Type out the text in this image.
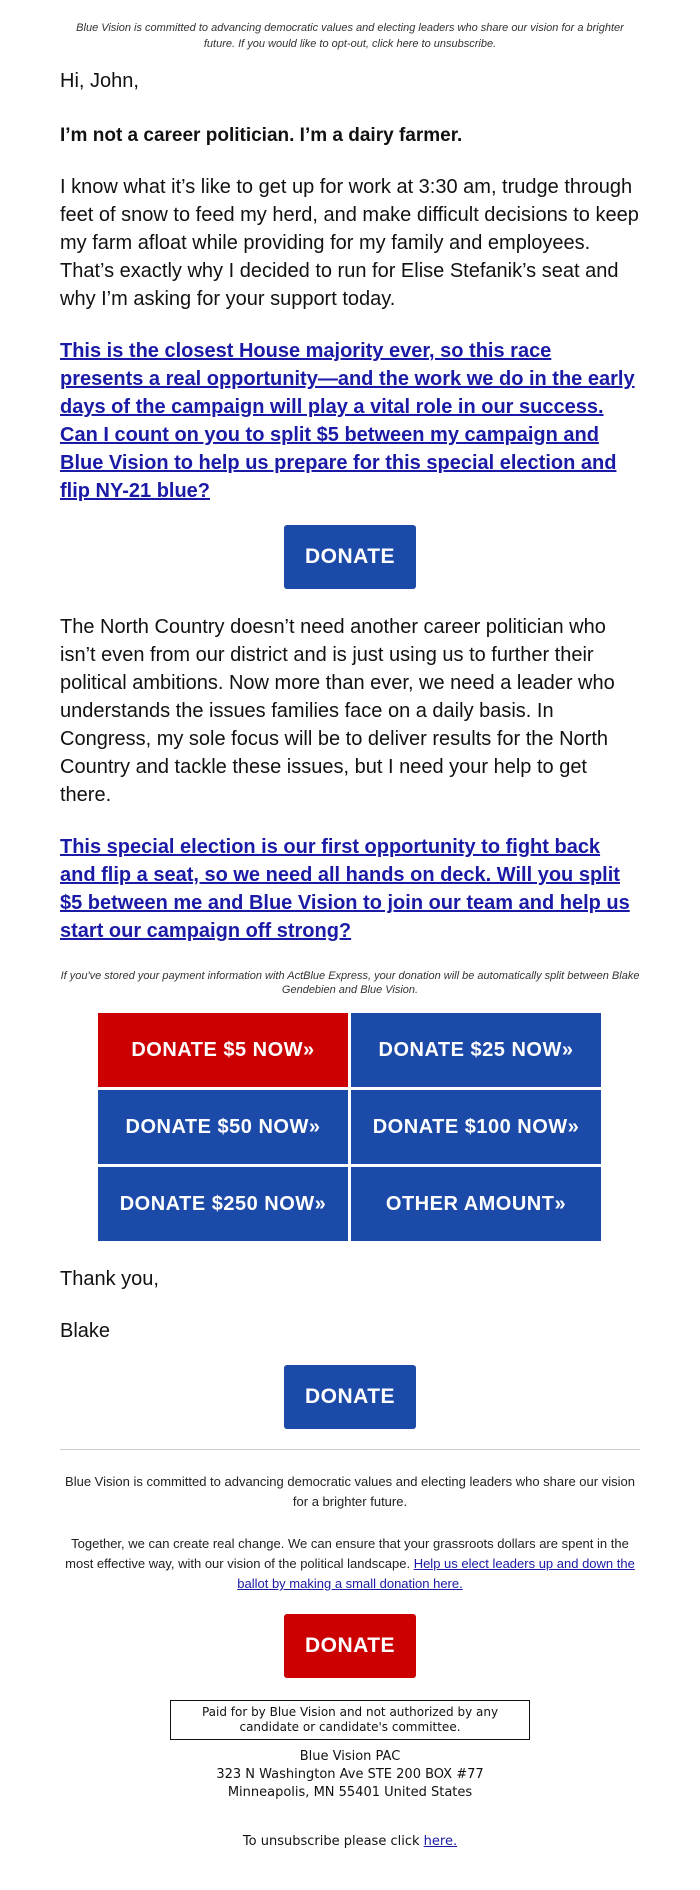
Blue Vision is committed to advancing democratic values and electing leaders who share our vision for a brighter future. If you would like to opt-out, click here to unsubscribe.
Hi, John,
I’m not a career politician. I’m a dairy farmer.
I know what it’s like to get up for work at 3:30 am, trudge through feet of snow to feed my herd, and make difficult decisions to keep my farm afloat while providing for my family and employees. That’s exactly why I decided to run for Elise Stefanik’s seat and why I’m asking for your support today.
This is the closest House majority ever, so this race presents a real opportunity—and the work we do in the early days of the campaign will play a vital role in our success. Can I count on you to split $5 between my campaign and Blue Vision to help us prepare for this special election and flip NY-21 blue?
DONATE
The North Country doesn’t need another career politician who isn’t even from our district and is just using us to further their political ambitions. Now more than ever, we need a leader who understands the issues families face on a daily basis. In Congress, my sole focus will be to deliver results for the North Country and tackle these issues, but I need your help to get there.
This special election is our first opportunity to fight back and flip a seat, so we need all hands on deck. Will you split $5 between me and Blue Vision to join our team and help us start our campaign off strong?
If you've stored your payment information with ActBlue Express, your donation will be automatically split between Blake Gendebien and Blue Vision.
DONATE $5 NOW»	DONATE $25 NOW»
DONATE $50 NOW»	DONATE $100 NOW»
DONATE $250 NOW»	OTHER AMOUNT»
Thank you,
Blake
DONATE
Blue Vision is committed to advancing democratic values and electing leaders who share our vision for a brighter future.
Together, we can create real change. We can ensure that your grassroots dollars are spent in the most effective way, with our vision of the political landscape. Help us elect leaders up and down the ballot by making a small donation here.
DONATE
Paid for by Blue Vision and not authorized by any candidate or candidate's committee.
Blue Vision PAC
323 N Washington Ave STE 200 BOX #77
Minneapolis, MN 55401 United States
To unsubscribe please click here.
